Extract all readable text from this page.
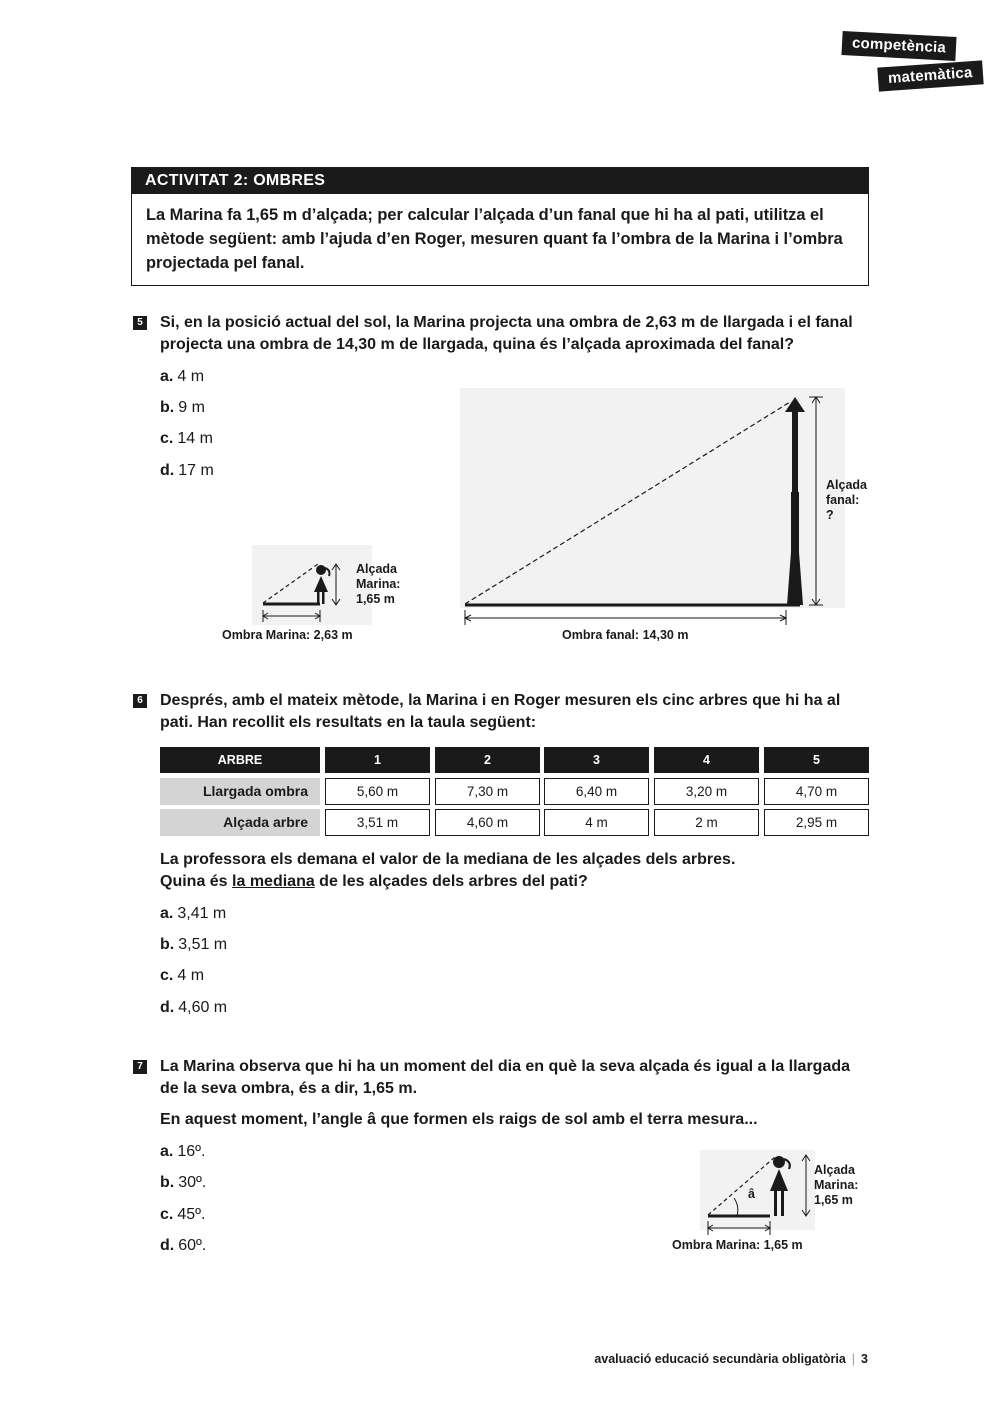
competència
matemàtica
ACTIVITAT 2: OMBRES
La Marina fa 1,65 m d’alçada; per calcular l’alçada d’un fanal que hi ha al pati, utilitza el mètode següent: amb l’ajuda d’en Roger, mesuren quant fa l’ombra de la Marina i l’ombra projectada pel fanal.
5 Si, en la posició actual del sol, la Marina projecta una ombra de 2,63 m de llargada i el fanal
projecta una ombra de 14,30 m de llargada, quina és l’alçada aproximada del fanal?
a. 4 m
b. 9 m
c. 14 m
d. 17 m
Alçada
Marina:
1,65 m
Ombra Marina: 2,63 m
Alçada
fanal:
?
Ombra fanal: 14,30 m
6 Després, amb el mateix mètode, la Marina i en Roger mesuren els cinc arbres que hi ha al
pati. Han recollit els resultats en la taula següent:
ARBRE	1	2	3	4	5
Llargada ombra	5,60 m	7,30 m	6,40 m	3,20 m	4,70 m
Alçada arbre	3,51 m	4,60 m	4 m	2 m	2,95 m
La professora els demana el valor de la mediana de les alçades dels arbres.
Quina és la mediana de les alçades dels arbres del pati?
a. 3,41 m
b. 3,51 m
c. 4 m
d. 4,60 m
7 La Marina observa que hi ha un moment del dia en què la seva alçada és igual a la llargada
de la seva ombra, és a dir, 1,65 m.
En aquest moment, l’angle â que formen els raigs de sol amb el terra mesura...
a. 16º.
b. 30º.
c. 45º.
d. 60º.
â
Alçada
Marina:
1,65 m
Ombra Marina: 1,65 m
avaluació educació secundària obligatòria | 3
